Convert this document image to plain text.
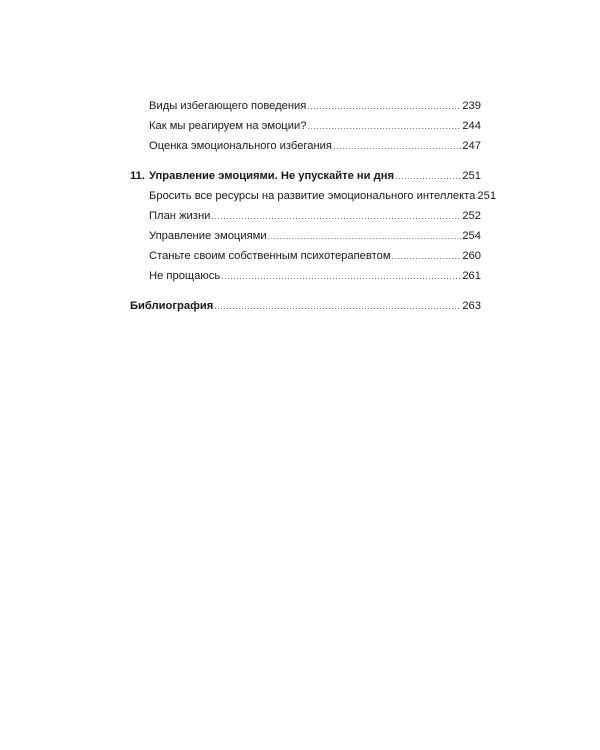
Виды избегающего поведения .....	239
Как мы реагируем на эмоции? .....	244
Оценка эмоционального избегания .....	247
11. Управление эмоциями. Не упускайте ни дня .....	251
Бросить все ресурсы на развитие эмоционального интеллекта 251
План жизни .....	252
Управление эмоциями .....	254
Станьте своим собственным психотерапевтом .....	260
Не прощаюсь .....	261
Библиография .....	263
